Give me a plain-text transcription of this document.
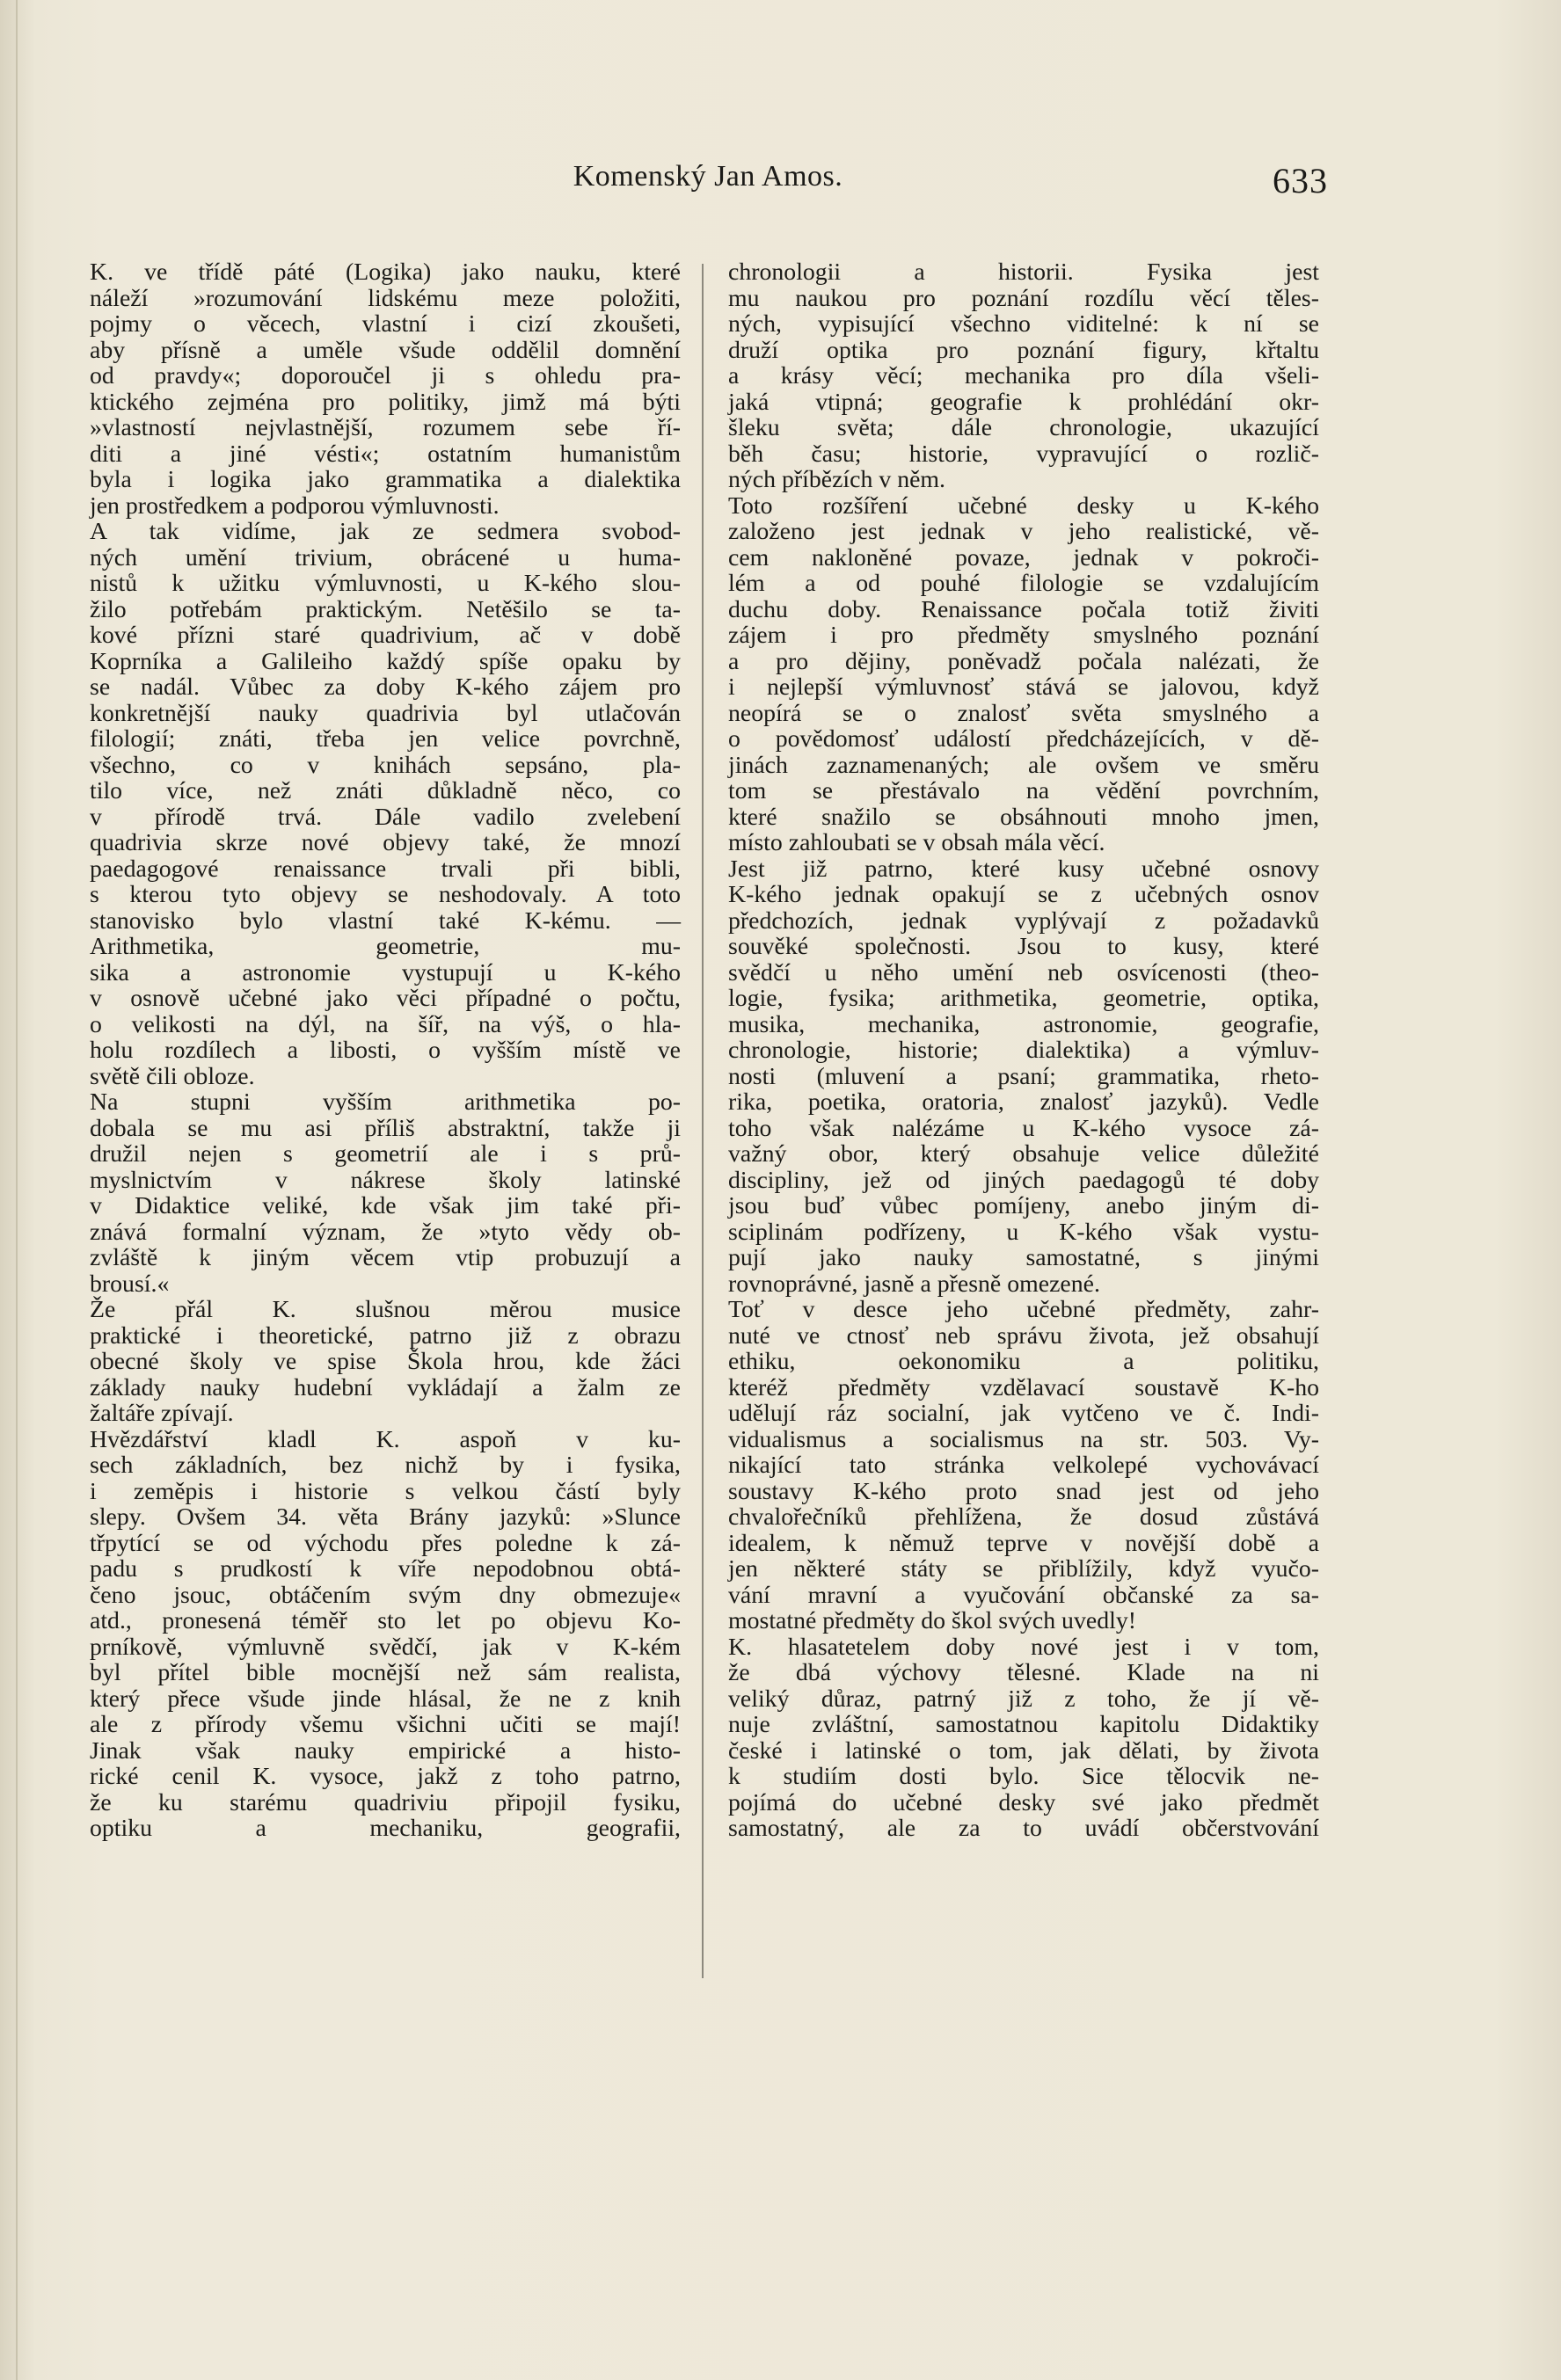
Komenský Jan Amos.	633
K. ve třídě páté (Logika) jako nauku, které
náleží »rozumování lidskému meze položiti,
pojmy o věcech, vlastní i cizí zkoušeti,
aby přísně a uměle všude oddělil domnění
od pravdy«; doporoučel ji s ohledu pra-
ktického zejména pro politiky, jimž má býti
»vlastností nejvlastnější, rozumem sebe ří-
diti a jiné vésti«; ostatním humanistům
byla i logika jako grammatika a dialektika
jen prostředkem a podporou výmluvnosti.
A tak vidíme, jak ze sedmera svobod-
ných umění trivium, obrácené u huma-
nistů k užitku výmluvnosti, u K-kého slou-
žilo potřebám praktickým. Netěšilo se ta-
kové přízni staré quadrivium, ač v době
Koprníka a Galileiho každý spíše opaku by
se nadál. Vůbec za doby K-kého zájem pro
konkretnější nauky quadrivia byl utlačován
filologií; znáti, třeba jen velice povrchně,
všechno, co v knihách sepsáno, pla-
tilo více, než znáti důkladně něco, co
v přírodě trvá. Dále vadilo zvelebení
quadrivia skrze nové objevy také, že mnozí
paedagogové renaissance trvali při bibli,
s kterou tyto objevy se neshodovaly. A toto
stanovisko bylo vlastní také K-kému. —
Arithmetika, geometrie, mu-
sika a astronomie vystupují u K-kého
v osnově učebné jako věci případné o počtu,
o velikosti na dýl, na šíř, na výš, o hla-
holu rozdílech a libosti, o vyšším místě ve
světě čili obloze.
Na stupni vyšším arithmetika po-
dobala se mu asi příliš abstraktní, takže ji
družil nejen s geometrií ale i s prů-
myslnictvím v nákrese školy latinské
v Didaktice veliké, kde však jim také při-
znává formalní význam, že »tyto vědy ob-
zvláště k jiným věcem vtip probuzují a
brousí.«
Že přál K. slušnou měrou musice
praktické i theoretické, patrno již z obrazu
obecné školy ve spise Škola hrou, kde žáci
základy nauky hudební vykládají a žalm ze
žaltáře zpívají.
Hvězdářství kladl K. aspoň v ku-
sech základních, bez nichž by i fysika,
i zeměpis i historie s velkou částí byly
slepy. Ovšem 34. věta Brány jazyků: »Slunce
třpytící se od východu přes poledne k zá-
padu s prudkostí k víře nepodobnou obtá-
čeno jsouc, obtáčením svým dny obmezuje«
atd., pronesená téměř sto let po objevu Ko-
prníkově, výmluvně svědčí, jak v K-kém
byl přítel bible mocnější než sám realista,
který přece všude jinde hlásal, že ne z knih
ale z přírody všemu všichni učiti se mají!
Jinak však nauky empirické a histo-
rické cenil K. vysoce, jakž z toho patrno,
že ku starému quadriviu připojil fysiku,
optiku a mechaniku, geografii,
chronologii a historii. Fysika jest
mu naukou pro poznání rozdílu věcí těles-
ných, vypisující všechno viditelné: k ní se
druží optika pro poznání figury, křtaltu
a krásy věcí; mechanika pro díla všeli-
jaká vtipná; geografie k prohlédání okr-
šleku světa; dále chronologie, ukazující
běh času; historie, vypravující o rozlič-
ných příbězích v něm.
Toto rozšíření učebné desky u K-kého
založeno jest jednak v jeho realistické, vě-
cem nakloněné povaze, jednak v pokroči-
lém a od pouhé filologie se vzdalujícím
duchu doby. Renaissance počala totiž živiti
zájem i pro předměty smyslného poznání
a pro dějiny, poněvadž počala nalézati, že
i nejlepší výmluvnosť stává se jalovou, když
neopírá se o znalosť světa smyslného a
o povědomosť událostí předcházejících, v dě-
jinách zaznamenaných; ale ovšem ve směru
tom se přestávalo na vědění povrchním,
které snažilo se obsáhnouti mnoho jmen,
místo zahloubati se v obsah mála věcí.
Jest již patrno, které kusy učebné osnovy
K-kého jednak opakují se z učebných osnov
předchozích, jednak vyplývají z požadavků
souvěké společnosti. Jsou to kusy, které
svědčí u něho umění neb osvícenosti (theo-
logie, fysika; arithmetika, geometrie, optika,
musika, mechanika, astronomie, geografie,
chronologie, historie; dialektika) a výmluv-
nosti (mluvení a psaní; grammatika, rheto-
rika, poetika, oratoria, znalosť jazyků). Vedle
toho však nalézáme u K-kého vysoce zá-
važný obor, který obsahuje velice důležité
discipliny, jež od jiných paedagogů té doby
jsou buď vůbec pomíjeny, anebo jiným di-
sciplinám podřízeny, u K-kého však vystu-
pují jako nauky samostatné, s jinými
rovnoprávné, jasně a přesně omezené.
Toť v desce jeho učebné předměty, zahr-
nuté ve ctnosť neb správu života, jež obsahují
ethiku, oekonomiku a politiku,
kteréž předměty vzdělavací soustavě K-ho
udělují ráz socialní, jak vytčeno ve č. Indi-
vidualismus a socialismus na str. 503. Vy-
nikající tato stránka velkolepé vychovávací
soustavy K-kého proto snad jest od jeho
chvalořečníků přehlížena, že dosud zůstává
idealem, k němuž teprve v novější době a
jen některé státy se přiblížily, když vyučo-
vání mravní a vyučování občanské za sa-
mostatné předměty do škol svých uvedly!
K. hlasatetelem doby nové jest i v tom,
že dbá výchovy tělesné. Klade na ni
veliký důraz, patrný již z toho, že jí vě-
nuje zvláštní, samostatnou kapitolu Didaktiky
české i latinské o tom, jak dělati, by života
k studiím dosti bylo. Sice tělocvik ne-
pojímá do učebné desky své jako předmět
samostatný, ale za to uvádí občerstvování
